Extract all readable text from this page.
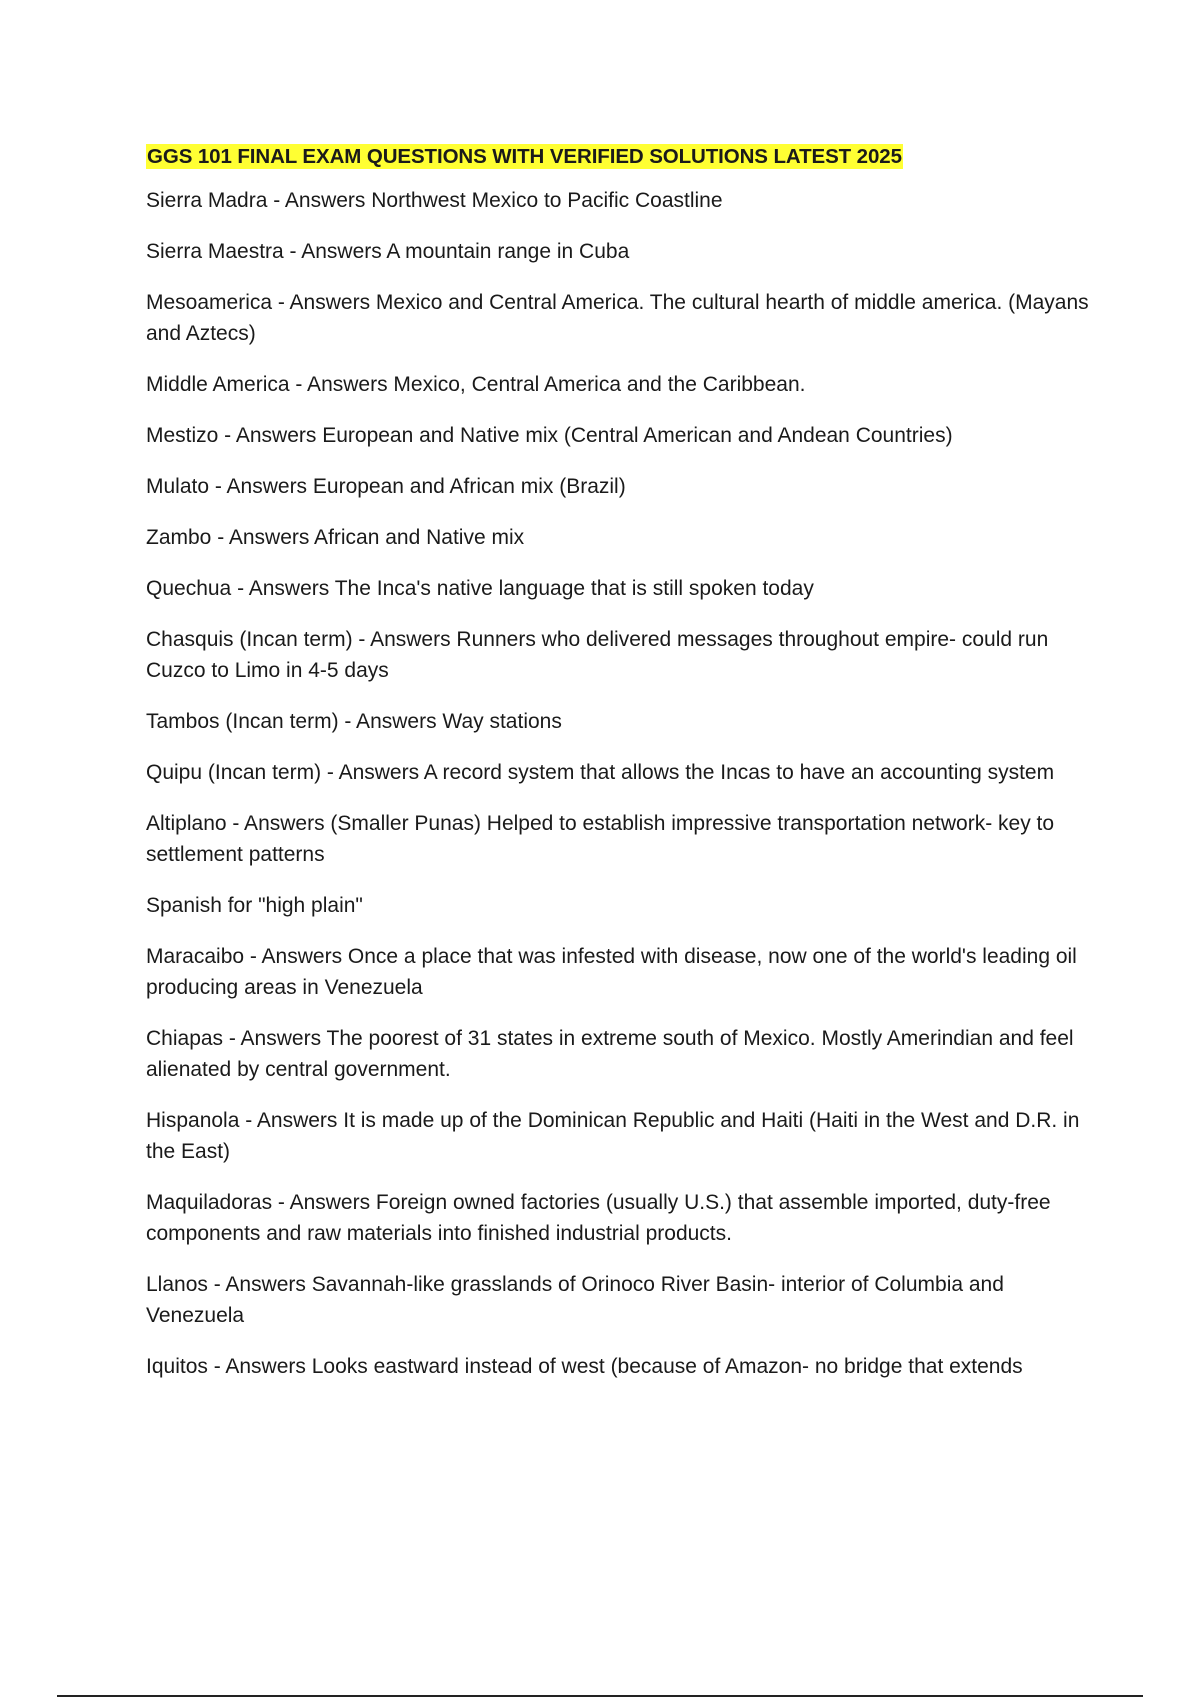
GGS 101 FINAL EXAM QUESTIONS WITH VERIFIED SOLUTIONS LATEST 2025
Sierra Madra - Answers Northwest Mexico to Pacific Coastline
Sierra Maestra - Answers A mountain range in Cuba
Mesoamerica - Answers Mexico and Central America. The cultural hearth of middle america. (Mayans and Aztecs)
Middle America - Answers Mexico, Central America and the Caribbean.
Mestizo - Answers European and Native mix (Central American and Andean Countries)
Mulato - Answers European and African mix (Brazil)
Zambo - Answers African and Native mix
Quechua - Answers The Inca's native language that is still spoken today
Chasquis (Incan term) - Answers Runners who delivered messages throughout empire- could run Cuzco to Limo in 4-5 days
Tambos (Incan term) - Answers Way stations
Quipu (Incan term) - Answers A record system that allows the Incas to have an accounting system
Altiplano - Answers (Smaller Punas) Helped to establish impressive transportation network- key to settlement patterns
Spanish for "high plain"
Maracaibo - Answers Once a place that was infested with disease, now one of the world's leading oil producing areas in Venezuela
Chiapas - Answers The poorest of 31 states in extreme south of Mexico. Mostly Amerindian and feel alienated by central government.
Hispanola - Answers It is made up of the Dominican Republic and Haiti (Haiti in the West and D.R. in the East)
Maquiladoras - Answers Foreign owned factories (usually U.S.) that assemble imported, duty-free components and raw materials into finished industrial products.
Llanos - Answers Savannah-like grasslands of Orinoco River Basin- interior of Columbia and Venezuela
Iquitos - Answers Looks eastward instead of west (because of Amazon- no bridge that extends
